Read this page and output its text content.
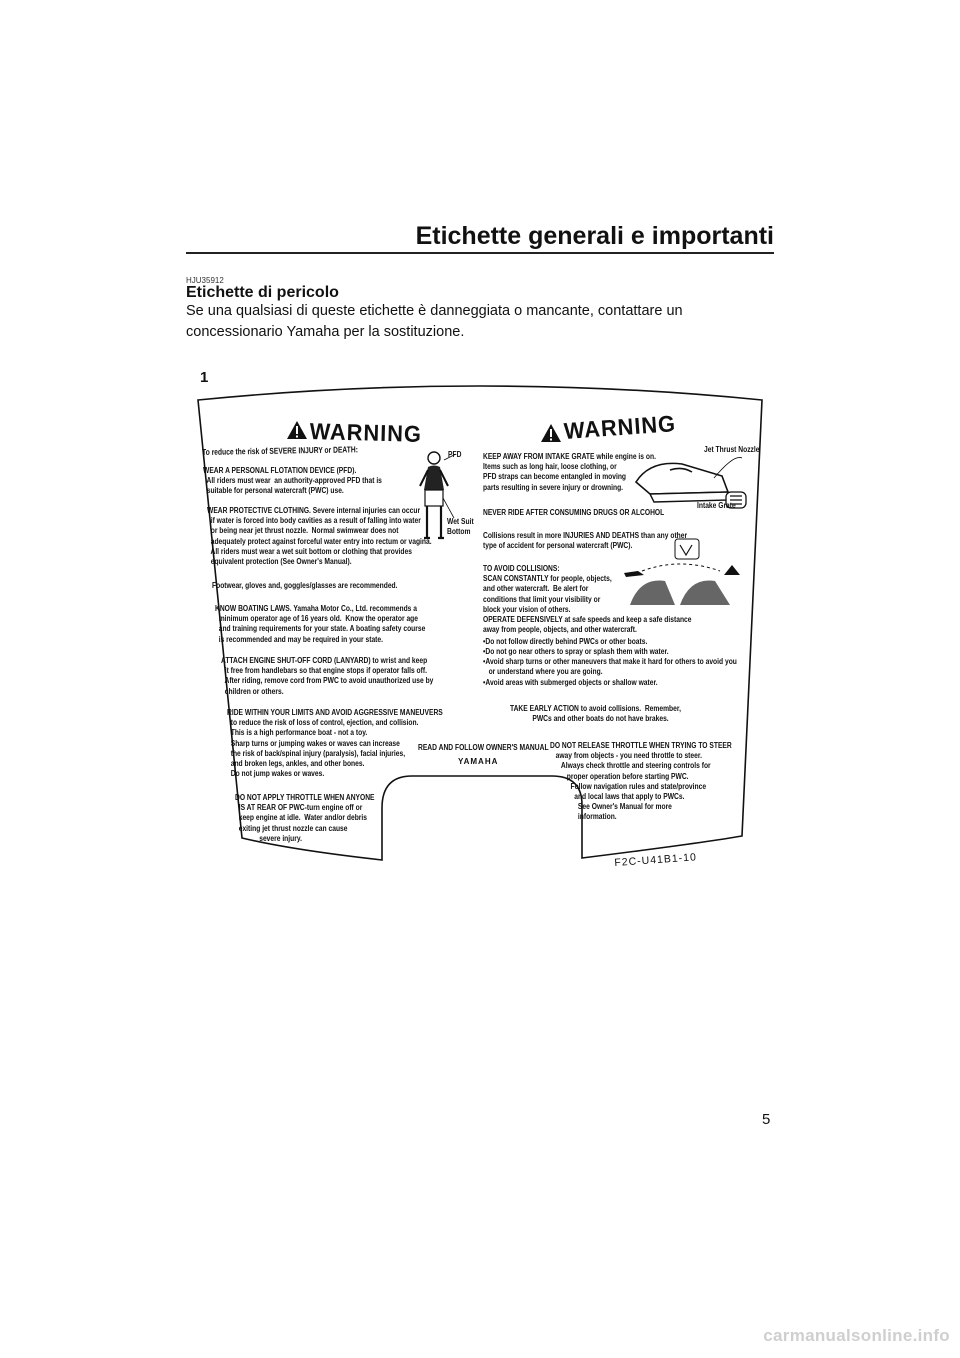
Etichette generali e importanti
HJU35912
Etichette di pericolo
Se una qualsiasi di queste etichette è danneggiata o mancante, contattare un concessionario Yamaha per la sostituzione.
1
WARNING	WARNING
To reduce the risk of SEVERE INJURY or DEATH:
WEAR A PERSONAL FLOTATION DEVICE (PFD).
All riders must wear  an authority-approved PFD that is
suitable for personal watercraft (PWC) use.
WEAR PROTECTIVE CLOTHING. Severe internal injuries can occur
if water is forced into body cavities as a result of falling into water
or being near jet thrust nozzle.  Normal swimwear does not
adequately protect against forceful water entry into rectum or vagina.
All riders must wear a wet suit bottom or clothing that provides
equivalent protection (See Owner's Manual).
Footwear, gloves and, goggles/glasses are recommended.
KNOW BOATING LAWS. Yamaha Motor Co., Ltd. recommends a
minimum operator age of 16 years old.  Know the operator age
and training requirements for your state. A boating safety course
is recommended and may be required in your state.
ATTACH ENGINE SHUT-OFF CORD (LANYARD) to wrist and keep
it free from handlebars so that engine stops if operator falls off.
After riding, remove cord from PWC to avoid unauthorized use by
children or others.
RIDE WITHIN YOUR LIMITS AND AVOID AGGRESSIVE MANEUVERS
to reduce the risk of loss of control, ejection, and collision.
This is a high performance boat - not a toy.
Sharp turns or jumping wakes or waves can increase
the risk of back/spinal injury (paralysis), facial injuries,
and broken legs, ankles, and other bones.
Do not jump wakes or waves.
DO NOT APPLY THROTTLE WHEN ANYONE
IS AT REAR OF PWC-turn engine off or
keep engine at idle.  Water and/or debris
exiting jet thrust nozzle can cause
severe injury.
PFD
Wet Suit
Bottom
KEEP AWAY FROM INTAKE GRATE while engine is on.
Items such as long hair, loose clothing, or
PFD straps can become entangled in moving
parts resulting in severe injury or drowning.
NEVER RIDE AFTER CONSUMING DRUGS OR ALCOHOL
Collisions result in more INJURIES AND DEATHS than any other
type of accident for personal watercraft (PWC).
TO AVOID COLLISIONS:
SCAN CONSTANTLY for people, objects,
and other watercraft.  Be alert for
conditions that limit your visibility or
block your vision of others.
OPERATE DEFENSIVELY at safe speeds and keep a safe distance
away from people, objects, and other watercraft.
•Do not follow directly behind PWCs or other boats.
•Do not go near others to spray or splash them with water.
•Avoid sharp turns or other maneuvers that make it hard for others to avoid you
or understand where you are going.
•Avoid areas with submerged objects or shallow water.
TAKE EARLY ACTION to avoid collisions.  Remember,
PWCs and other boats do not have brakes.
Jet Thrust Nozzle
Intake Grate
READ AND FOLLOW OWNER'S MANUAL
YAMAHA
DO NOT RELEASE THROTTLE WHEN TRYING TO STEER
away from objects - you need throttle to steer.
Always check throttle and steering controls for
proper operation before starting PWC.
Follow navigation rules and state/province
and local laws that apply to PWCs.
See Owner's Manual for more
information.
F2C-U41B1-10
5
carmanualsonline.info
